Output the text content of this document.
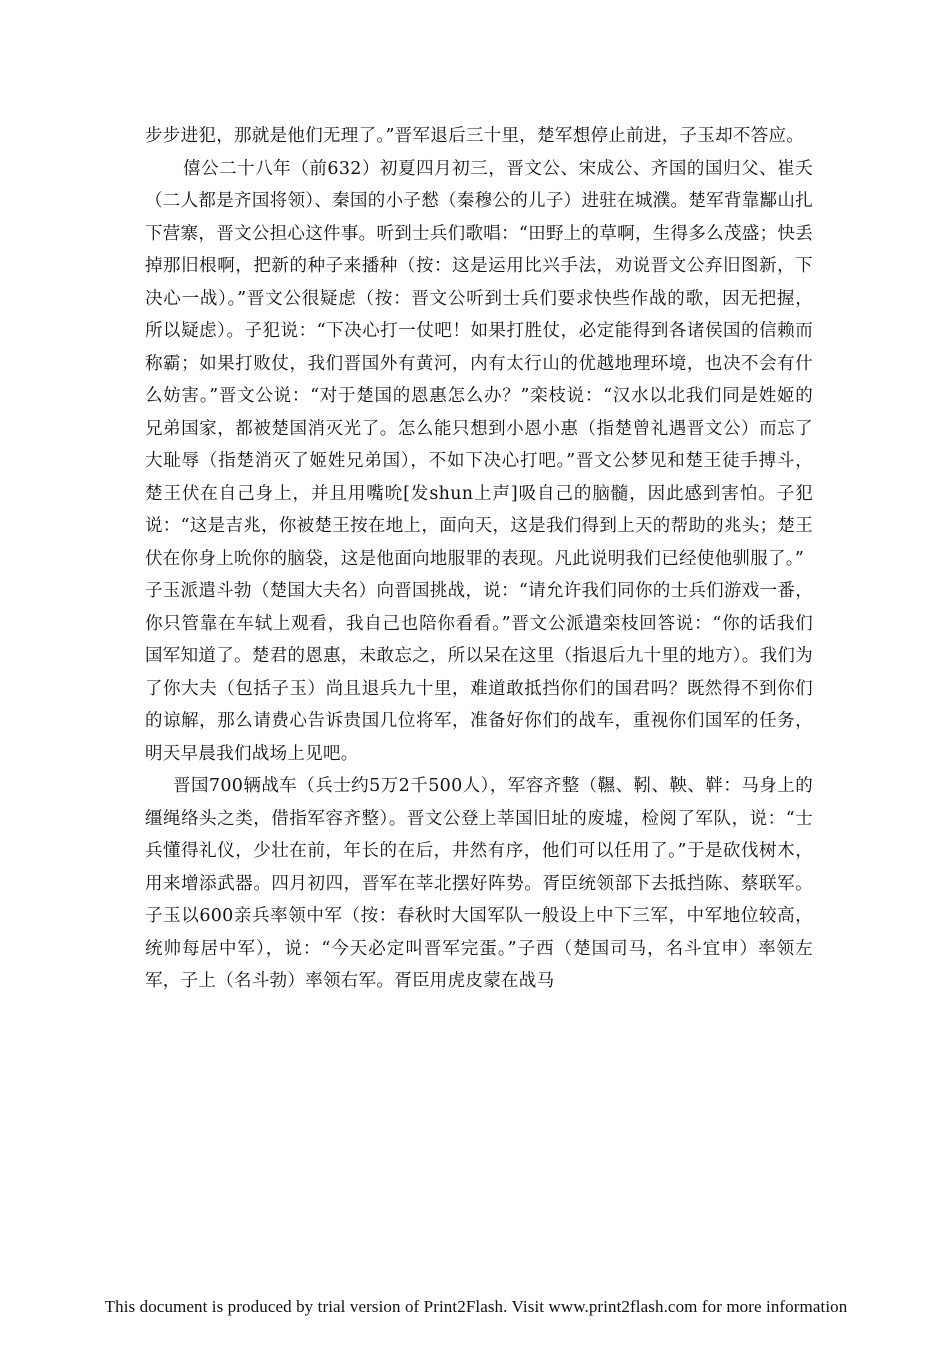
步步进犯，那就是他们无理了。”晋军退后三十里，楚军想停止前进，子玉却不答应。

僖公二十八年（前632）初夏四月初三，晋文公、宋成公、齐国的国归父、崔夭（二人都是齐国将领）、秦国的小子憖（秦穆公的儿子）进驻在城濮。楚军背靠酅山扎下营寨，晋文公担心这件事。听到士兵们歌唱：“田野上的草啊，生得多么茂盛；快丢掉那旧根啊，把新的种子来播种（按：这是运用比兴手法，劝说晋文公弃旧图新，下决心一战）。”晋文公很疑虑（按：晋文公听到士兵们要求快些作战的歌，因无把握，所以疑虑）。子犯说：“下决心打一仗吧！如果打胜仗，必定能得到各诸侯国的信赖而称霸；如果打败仗，我们晋国外有黄河，内有太行山的优越地理环境，也决不会有什么妨害。”晋文公说：“对于楚国的恩惠怎么办？”栾枝说：“汉水以北我们同是姓姬的兄弟国家，都被楚国消灭光了。怎么能只想到小恩小惠（指楚曾礼遇晋文公）而忘了大耻辱（指楚消灭了姬姓兄弟国），不如下决心打吧。”晋文公梦见和楚王徒手搏斗，楚王伏在自己身上，并且用嘴吮[发shun上声]吸自己的脑髓，因此感到害怕。子犯说：“这是吉兆，你被楚王按在地上，面向天，这是我们得到上天的帮助的兆头；楚王伏在你身上吮你的脑袋，这是他面向地服罪的表现。凡此说明我们已经使他驯服了。”

子玉派遣斗勃（楚国大夫名）向晋国挑战，说：“请允许我们同你的士兵们游戏一番，你只管靠在车轼上观看，我自己也陪你看看。”晋文公派遣栾枝回答说：“你的话我们国军知道了。楚君的恩惠，未敢忘之，所以呆在这里（指退后九十里的地方）。我们为了你大夫（包括子玉）尚且退兵九十里，难道敢抵挡你们的国君吗？既然得不到你们的谅解，那么请费心告诉贵国几位将军，准备好你们的战车，重视你们国军的任务，明天早晨我们战场上见吧。

晋国700辆战车（兵士约5万2千500人），军容齐整（韅、靷、鞅、靽：马身上的缰绳络头之类，借指军容齐整）。晋文公登上莘国旧址的废墟，检阅了军队，说：“士兵懂得礼仪，少壮在前，年长的在后，井然有序，他们可以任用了。”于是砍伐树木，用来增添武器。四月初四，晋军在莘北摆好阵势。胥臣统领部下去抵挡陈、蔡联军。子玉以600亲兵率领中军（按：春秋时大国军队一般设上中下三军，中军地位较高，统帅每居中军），说：“今天必定叫晋军完蛋。”子西（楚国司马，名斗宜申）率领左军，子上（名斗勃）率领右军。胥臣用虎皮蒙在战马

This document is produced by trial version of Print2Flash. Visit www.print2flash.com for more information
